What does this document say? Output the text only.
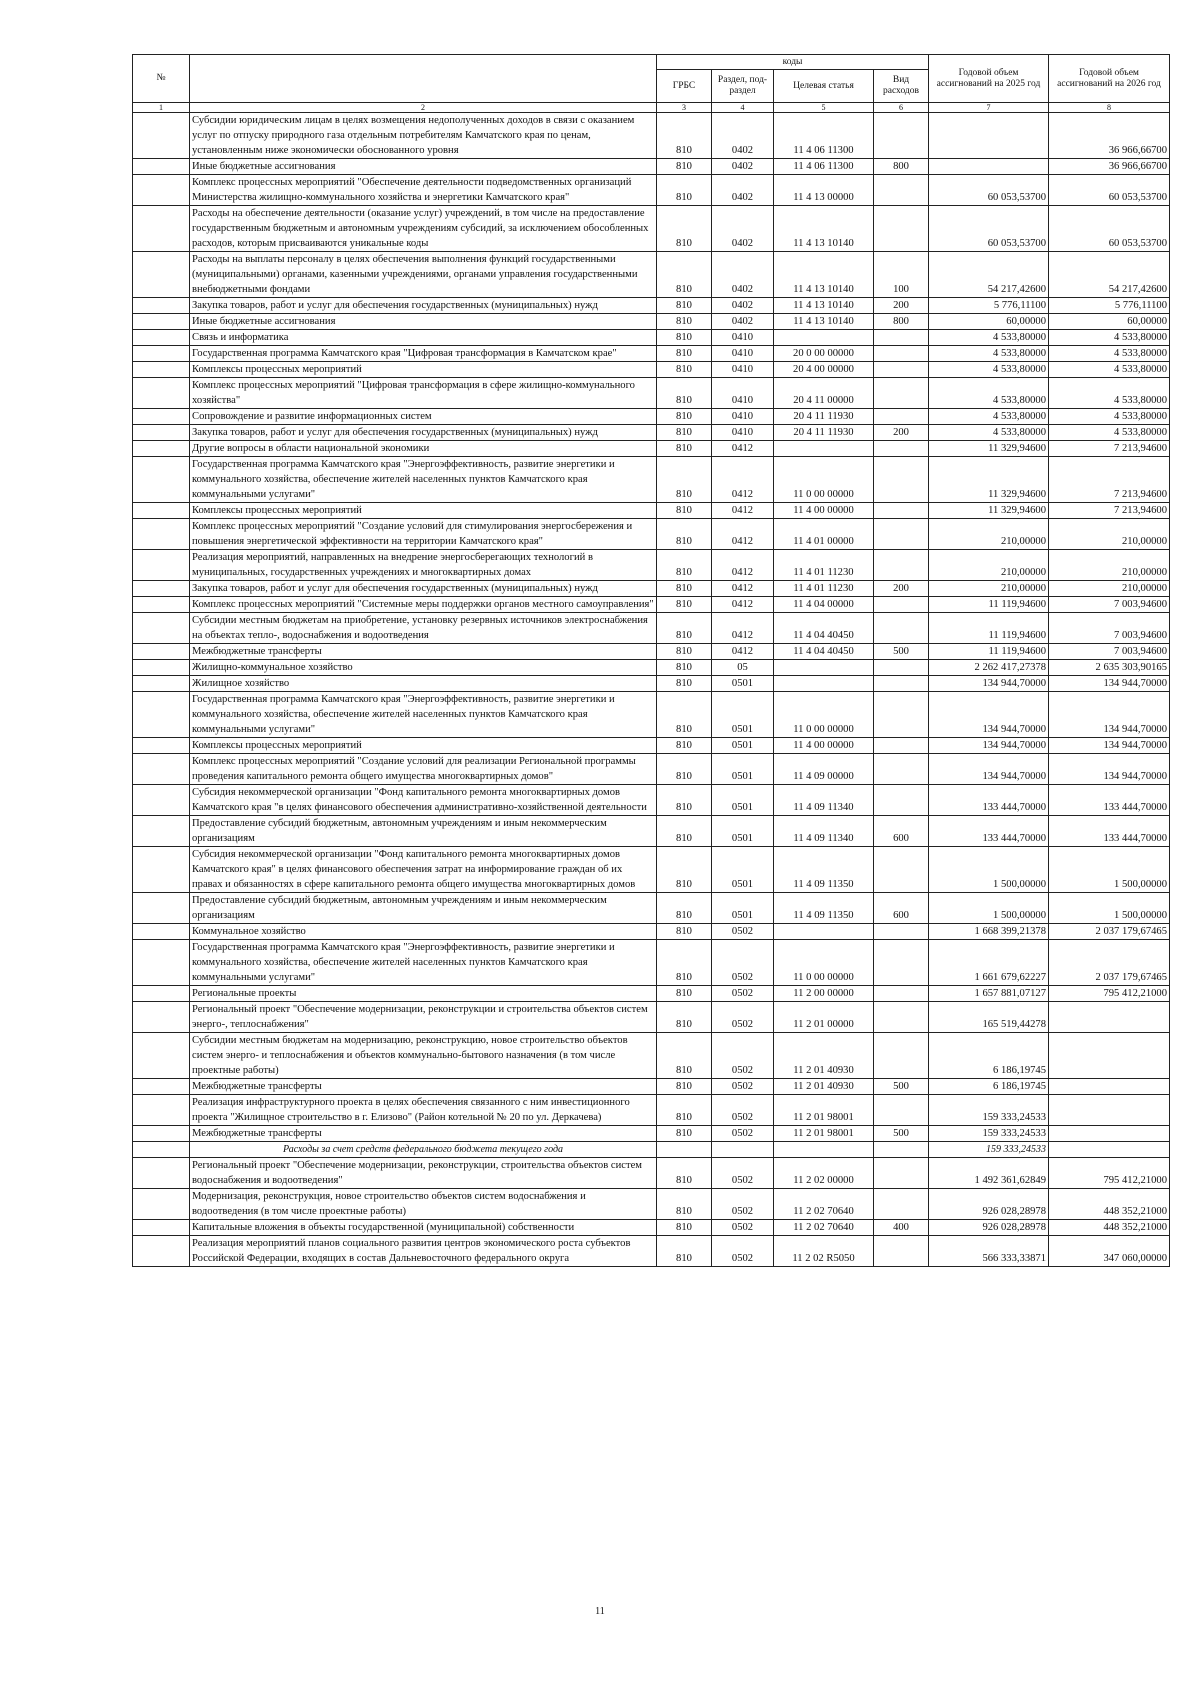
№		коды				Годовой объем ассигнований на 2025 год	Годовой объем ассигнований на 2026 год
		ГРБС	Раздел, под-раздел	Целевая статья	Вид расходов		
1	2	3	4	5	6	7	8
	Субсидии юридическим лицам в целях возмещения недополученных доходов в связи с оказанием услуг по отпуску природного газа отдельным потребителям Камчатского края по ценам, установленным ниже экономически обоснованного уровня	810	0402	11 4 06 11300			36 966,66700
	Иные бюджетные ассигнования	810	0402	11 4 06 11300	800		36 966,66700
	Комплекс процессных мероприятий "Обеспечение деятельности подведомственных организаций Министерства жилищно-коммунального хозяйства и энергетики Камчатского края"	810	0402	11 4 13 00000		60 053,53700	60 053,53700
	Расходы на обеспечение деятельности (оказание услуг) учреждений, в том числе на предоставление государственным бюджетным и автономным учреждениям субсидий, за исключением обособленных расходов, которым присваиваются уникальные коды	810	0402	11 4 13 10140		60 053,53700	60 053,53700
	Расходы на выплаты персоналу в целях обеспечения выполнения функций государственными (муниципальными) органами, казенными учреждениями, органами управления государственными внебюджетными фондами	810	0402	11 4 13 10140	100	54 217,42600	54 217,42600
	Закупка товаров, работ и услуг для обеспечения государственных (муниципальных) нужд	810	0402	11 4 13 10140	200	5 776,11100	5 776,11100
	Иные бюджетные ассигнования	810	0402	11 4 13 10140	800	60,00000	60,00000
	Связь и информатика	810	0410			4 533,80000	4 533,80000
	Государственная программа Камчатского края "Цифровая трансформация в Камчатском крае"	810	0410	20 0 00 00000		4 533,80000	4 533,80000
	Комплексы процессных мероприятий	810	0410	20 4 00 00000		4 533,80000	4 533,80000
	Комплекс процессных мероприятий "Цифровая трансформация в сфере жилищно-коммунального хозяйства"	810	0410	20 4 11 00000		4 533,80000	4 533,80000
	Сопровождение и развитие информационных систем	810	0410	20 4 11 11930		4 533,80000	4 533,80000
	Закупка товаров, работ и услуг для обеспечения государственных (муниципальных) нужд	810	0410	20 4 11 11930	200	4 533,80000	4 533,80000
	Другие вопросы в области национальной экономики	810	0412			11 329,94600	7 213,94600
	Государственная программа Камчатского края "Энергоэффективность, развитие энергетики и коммунального хозяйства, обеспечение жителей населенных пунктов Камчатского края коммунальными услугами"	810	0412	11 0 00 00000		11 329,94600	7 213,94600
	Комплексы процессных мероприятий	810	0412	11 4 00 00000		11 329,94600	7 213,94600
	Комплекс процессных мероприятий "Создание условий для стимулирования энергосбережения и повышения энергетической эффективности на территории Камчатского края"	810	0412	11 4 01 00000		210,00000	210,00000
	Реализация мероприятий, направленных на внедрение энергосберегающих технологий в муниципальных, государственных учреждениях и многоквартирных домах	810	0412	11 4 01 11230		210,00000	210,00000
	Закупка товаров, работ и услуг для обеспечения государственных (муниципальных) нужд	810	0412	11 4 01 11230	200	210,00000	210,00000
	Комплекс процессных мероприятий "Системные меры поддержки органов местного самоуправления"	810	0412	11 4 04 00000		11 119,94600	7 003,94600
	Субсидии местным бюджетам на приобретение, установку резервных источников электроснабжения на объектах тепло-, водоснабжения и водоотведения	810	0412	11 4 04 40450		11 119,94600	7 003,94600
	Межбюджетные трансферты	810	0412	11 4 04 40450	500	11 119,94600	7 003,94600
	Жилищно-коммунальное хозяйство	810	05			2 262 417,27378	2 635 303,90165
	Жилищное хозяйство	810	0501			134 944,70000	134 944,70000
	Государственная программа Камчатского края "Энергоэффективность, развитие энергетики и коммунального хозяйства, обеспечение жителей населенных пунктов Камчатского края коммунальными услугами"	810	0501	11 0 00 00000		134 944,70000	134 944,70000
	Комплексы процессных мероприятий	810	0501	11 4 00 00000		134 944,70000	134 944,70000
	Комплекс процессных мероприятий "Создание условий для реализации Региональной программы проведения капитального ремонта общего имущества многоквартирных домов"	810	0501	11 4 09 00000		134 944,70000	134 944,70000
	Субсидия некоммерческой организации "Фонд капитального ремонта многоквартирных домов Камчатского края "в целях финансового обеспечения административно-хозяйственной деятельности	810	0501	11 4 09 11340		133 444,70000	133 444,70000
	Предоставление субсидий бюджетным, автономным учреждениям и иным некоммерческим организациям	810	0501	11 4 09 11340	600	133 444,70000	133 444,70000
	Субсидия некоммерческой организации "Фонд капитального ремонта многоквартирных домов Камчатского края" в целях финансового обеспечения затрат на информирование граждан об их правах и обязанностях в сфере капитального ремонта общего имущества многоквартирных домов	810	0501	11 4 09 11350		1 500,00000	1 500,00000
	Предоставление субсидий бюджетным, автономным учреждениям и иным некоммерческим организациям	810	0501	11 4 09 11350	600	1 500,00000	1 500,00000
	Коммунальное хозяйство	810	0502			1 668 399,21378	2 037 179,67465
	Государственная программа Камчатского края "Энергоэффективность, развитие энергетики и коммунального хозяйства, обеспечение жителей населенных пунктов Камчатского края коммунальными услугами"	810	0502	11 0 00 00000		1 661 679,62227	2 037 179,67465
	Региональные проекты	810	0502	11 2 00 00000		1 657 881,07127	795 412,21000
	Региональный проект "Обеспечение модернизации, реконструкции и строительства объектов систем энерго-, теплоснабжения"	810	0502	11 2 01 00000		165 519,44278	
	Субсидии местным бюджетам на модернизацию, реконструкцию, новое строительство объектов систем энерго- и теплоснабжения и объектов коммунально-бытового назначения (в том числе проектные работы)	810	0502	11 2 01 40930		6 186,19745	
	Межбюджетные трансферты	810	0502	11 2 01 40930	500	6 186,19745	
	Реализация инфраструктурного проекта в целях обеспечения связанного с ним инвестиционного проекта "Жилищное строительство в г. Елизово" (Район котельной № 20 по ул. Деркачева)	810	0502	11 2 01 98001		159 333,24533	
	Межбюджетные трансферты	810	0502	11 2 01 98001	500	159 333,24533	
	Расходы за счет средств федерального бюджета текущего года					159 333,24533	
	Региональный проект "Обеспечение модернизации, реконструкции, строительства объектов систем водоснабжения и водоотведения"	810	0502	11 2 02 00000		1 492 361,62849	795 412,21000
	Модернизация, реконструкция, новое строительство объектов систем водоснабжения и водоотведения (в том числе проектные работы)	810	0502	11 2 02 70640		926 028,28978	448 352,21000
	Капитальные вложения в объекты государственной (муниципальной) собственности	810	0502	11 2 02 70640	400	926 028,28978	448 352,21000
	Реализация мероприятий планов социального развития центров экономического роста субъектов Российской Федерации, входящих в состав Дальневосточного федерального округа	810	0502	11 2 02 R5050		566 333,33871	347 060,00000
11
